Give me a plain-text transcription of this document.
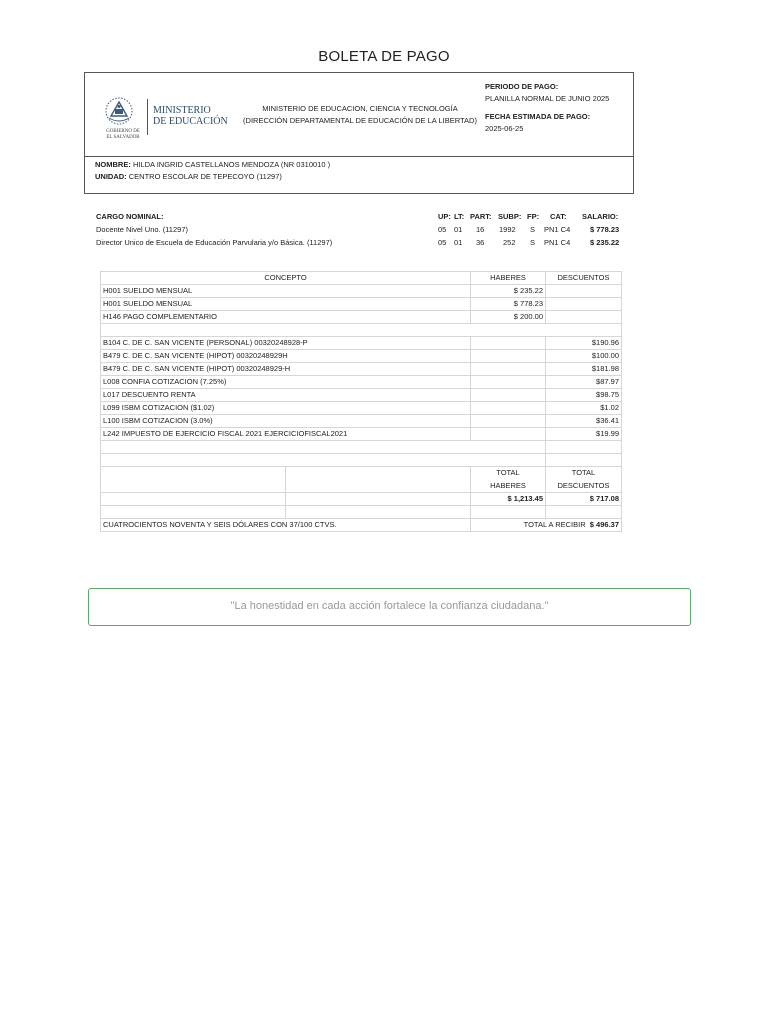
BOLETA DE PAGO
GOBIERNO DE
EL SALVADOR
MINISTERIO
DE EDUCACIÓN
MINISTERIO DE EDUCACION, CIENCIA Y TECNOLOGÍA
(DIRECCIÓN DEPARTAMENTAL DE EDUCACIÓN DE LA LIBERTAD)
PERIODO DE PAGO:
PLANILLA NORMAL DE JUNIO 2025
FECHA ESTIMADA DE PAGO:
2025-06-25
NOMBRE: HILDA INGRID CASTELLANOS MENDOZA (NR 0310010 )
UNIDAD: CENTRO ESCOLAR DE TEPECOYO (11297)
CARGO NOMINAL:	UP: LT: PART: SUBP: FP: CAT: SALARIO:
Docente Nivel Uno. (11297)	05 01 16 1992 S PN1 C4	$ 778.23
Director Unico de Escuela de Educación Parvularia y/o Básica. (11297)	05 01 36 252 S PN1 C4	$ 235.22
CONCEPTO		HABERES	DESCUENTOS
H001 SUELDO MENSUAL		$ 235.22	
H001 SUELDO MENSUAL		$ 778.23	
H146 PAGO COMPLEMENTARIO		$ 200.00	

B104 C. DE C. SAN VICENTE (PERSONAL) 00320248928-P			$190.96
B479 C. DE C. SAN VICENTE (HIPOT) 00320248929H			$100.00
B479 C. DE C. SAN VICENTE (HIPOT) 00320248929-H			$181.98
L008 CONFIA COTIZACION (7.25%)			$87.97
L017 DESCUENTO RENTA			$98.75
L099 ISBM COTIZACION ($1.02)			$1.02
L100 ISBM COTIZACION (3.0%)			$36.41
L242 IMPUESTO DE EJERCICIO FISCAL 2021 EJERCICIOFISCAL2021			$19.99

		TOTAL	TOTAL
		HABERES	DESCUENTOS
		$ 1,213.45	$ 717.08

CUATROCIENTOS NOVENTA Y SEIS DÓLARES CON 37/100 CTVS.		TOTAL A RECIBIR $ 496.37	
"La honestidad en cada acción fortalece la confianza ciudadana."
